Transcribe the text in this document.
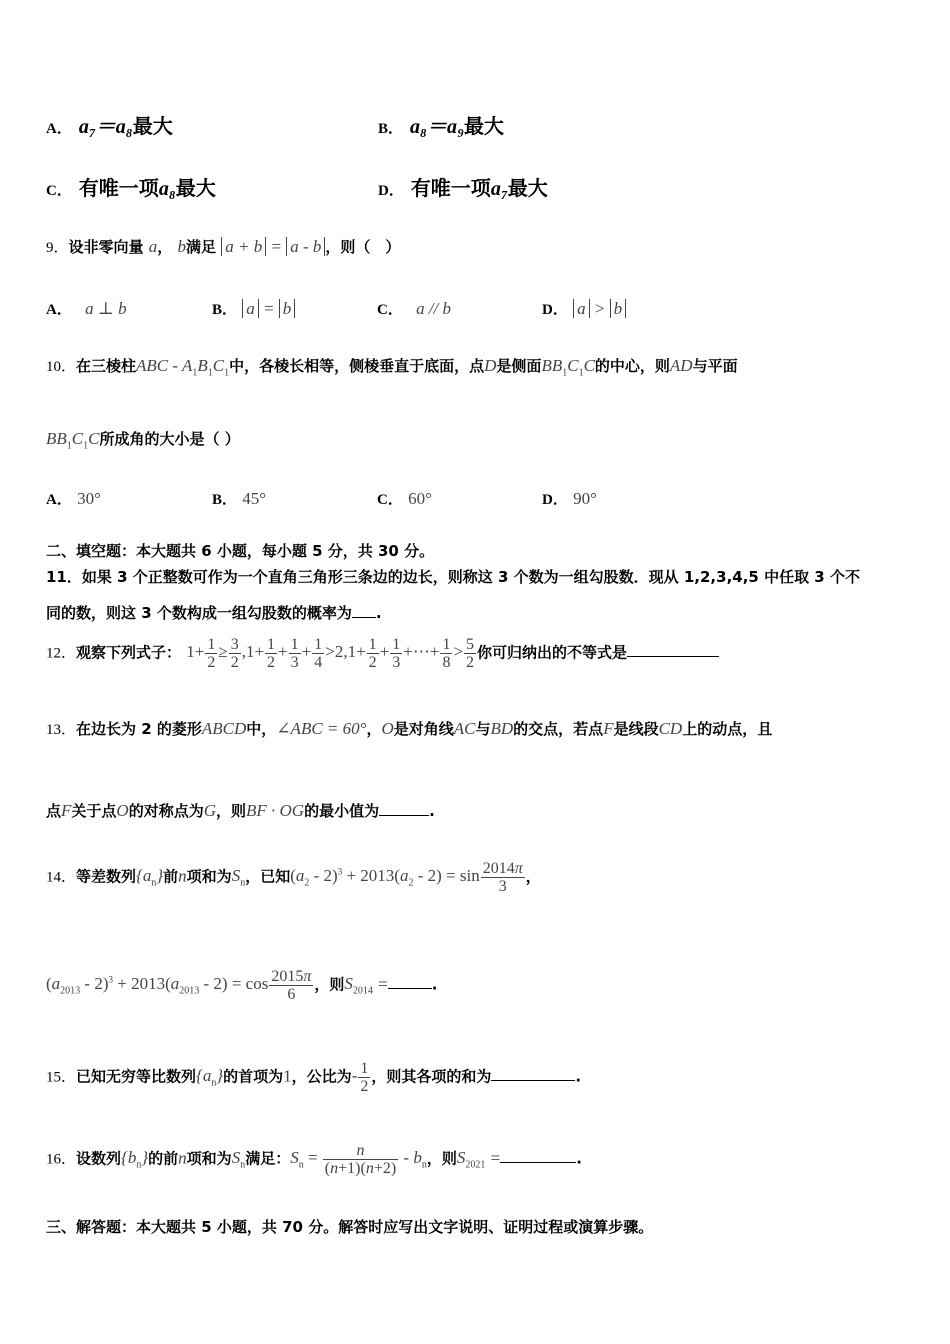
A． a₇＝a₈最大	B． a₈＝a₉最大
C． 有唯一项a₈最大	D． 有唯一项a₇最大
9．设非零向量 a， b满足 a + b = a - b ，则（　）
A． a ⊥ b	B． a = b	C． a // b	D． a > b
10．在三棱柱ABC - $A_1B_1C_1$中，各棱长相等，侧棱垂直于底面，点D是侧面$BB_1C_1C$的中心，则AD与平面
$BB_1C_1C$所成角的大小是（ ）
A． 30°	B． 45°	C． 60°	D． 90°
二、填空题：本大题共 6 小题，每小题 5 分，共 30 分。
11．如果 3 个正整数可作为一个直角三角形三条边的边长，则称这 3 个数为一组勾股数．现从 1,2,3,4,5 中任取 3 个不
同的数，则这 3 个数构成一组勾股数的概率为 .
12．观察下列式子： $1+ \frac{1}{2} \ge \frac{3}{2} ,1+ \frac{1}{2} + \frac{1}{3} + \frac{1}{4} >2,1+ \frac{1}{2} + \frac{1}{3}$ +⋯+ $\frac{1}{8} > \frac{5}{2}$ 你可归纳出的不等式是
13．在边长为 2 的菱形ABCD中，∠ABC = 60°，O是对角线AC与BD的交点，若点F是线段CD上的动点，且
点F关于点O的对称点为G，则BF · OG的最小值为	.
14．等差数列$\{a_n\}$前n项和为$S_n$，已知$(a_2 - 2)^3 + 2013(a_2 - 2) = \sin \frac{2014\pi}{3}$ ，
$(a_{2013} - 2)^3 + 2013(a_{2013} - 2) = \cos \frac{2015\pi}{6}$ ，则$S_{2014}$ =	.
15．已知无穷等比数列$\{a_n\}$的首项为1，公比为- $\frac{1}{2}$ ，则其各项的和为	.
16．设数列$\{b_n\}$的前n项和为$S_n$满足：$S_n = \frac{n}{(n+1)(n+2)} - b_n$，则$S_{2021}$ =	.
三、解答题：本大题共 5 小题，共 70 分。解答时应写出文字说明、证明过程或演算步骤。
